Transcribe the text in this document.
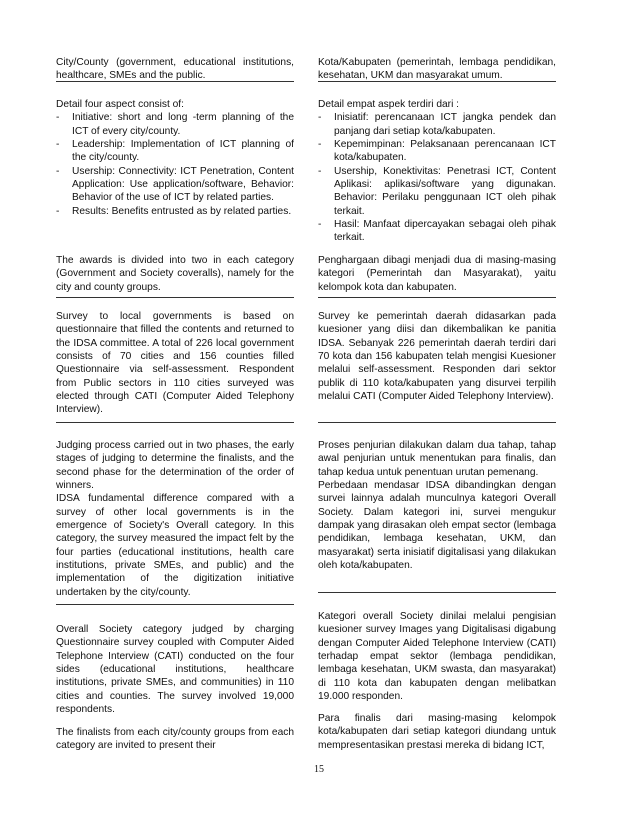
City/County (government, educational institutions, healthcare, SMEs and the public.

Detail four aspect consist of:

- Initiative: short and long -term planning of the ICT of every city/county.
- Leadership: Implementation of ICT planning of the city/county.
- Usership: Connectivity: ICT Penetration, Content Application: Use application/software, Behavior: Behavior of the use of ICT by related parties.
- Results: Benefits entrusted as by related parties.

The awards is divided into two in each category (Government and Society coveralls), namely for the city and county groups.

Survey to local governments is based on questionnaire that filled the contents and returned to the IDSA committee. A total of 226 local government consists of 70 cities and 156 counties filled Questionnaire via self-assessment. Respondent from Public sectors in 110 cities surveyed was elected through CATI (Computer Aided Telephony Interview).

Judging process carried out in two phases, the early stages of judging to determine the finalists, and the second phase for the determination of the order of winners.

IDSA fundamental difference compared with a survey of other local governments is in the emergence of Society's Overall category. In this category, the survey measured the impact felt by the four parties (educational institutions, health care institutions, private SMEs, and public) and the implementation of the digitization initiative undertaken by the city/county.

Overall Society category judged by charging Questionnaire survey coupled with Computer Aided Telephone Interview (CATI) conducted on the four sides (educational institutions, healthcare institutions, private SMEs, and communities) in 110 cities and counties. The survey involved 19,000 respondents.

The finalists from each city/county groups from each category are invited to present their

Kota/Kabupaten (pemerintah, lembaga pendidikan, kesehatan, UKM dan masyarakat umum.

Detail empat aspek terdiri dari :

- Inisiatif: perencanaan ICT jangka pendek dan panjang dari setiap kota/kabupaten.
- Kepemimpinan: Pelaksanaan perencanaan ICT kota/kabupaten.
- Usership, Konektivitas: Penetrasi ICT, Content Aplikasi: aplikasi/software yang digunakan. Behavior: Perilaku penggunaan ICT oleh pihak terkait.
- Hasil: Manfaat dipercayakan sebagai oleh pihak terkait.

Penghargaan dibagi menjadi dua di masing-masing kategori (Pemerintah dan Masyarakat), yaitu kelompok kota dan kabupaten.

Survey ke pemerintah daerah didasarkan pada kuesioner yang diisi dan dikembalikan ke panitia IDSA. Sebanyak 226 pemerintah daerah terdiri dari 70 kota dan 156 kabupaten telah mengisi Kuesioner melalui self-assessment. Responden dari sektor publik di 110 kota/kabupaten yang disurvei terpilih melalui CATI (Computer Aided Telephony Interview).

Proses penjurian dilakukan dalam dua tahap, tahap awal penjurian untuk menentukan para finalis, dan tahap kedua untuk penentuan urutan pemenang.

Perbedaan mendasar IDSA dibandingkan dengan survei lainnya adalah munculnya kategori Overall Society. Dalam kategori ini, survei mengukur dampak yang dirasakan oleh empat sector (lembaga pendidikan, lembaga kesehatan, UKM, dan masyarakat) serta inisiatif digitalisasi yang dilakukan oleh kota/kabupaten.

Kategori overall Society dinilai melalui pengisian kuesioner survey Images yang Digitalisasi digabung dengan Computer Aided Telephone Interview (CATI) terhadap empat sektor (lembaga pendidikan, lembaga kesehatan, UKM swasta, dan masyarakat) di 110 kota dan kabupaten dengan melibatkan 19.000 responden.

Para finalis dari masing-masing kelompok kota/kabupaten dari setiap kategori diundang untuk mempresentasikan prestasi mereka di bidang ICT,

15
